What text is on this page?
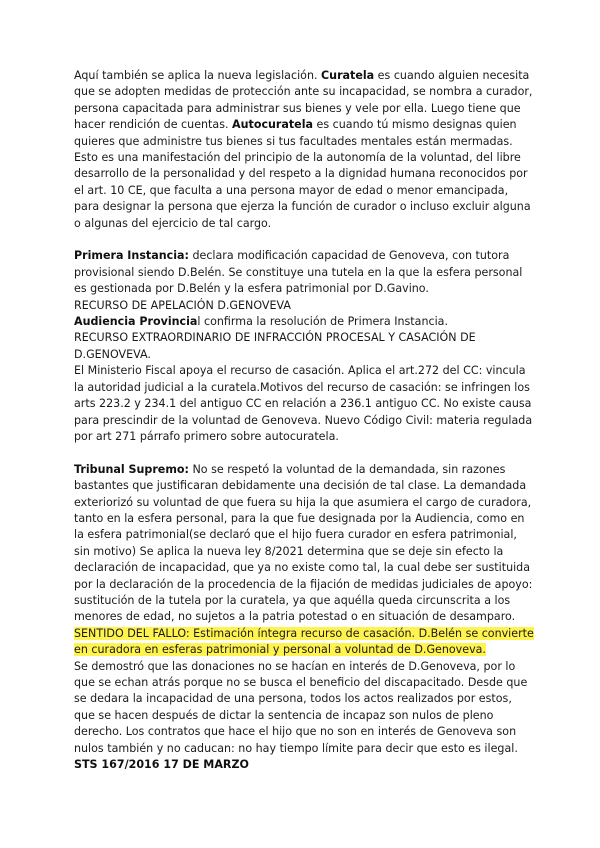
Aquí también se aplica la nueva legislación. Curatela es cuando alguien necesita que se adopten medidas de protección ante su incapacidad, se nombra a curador, persona capacitada para administrar sus bienes y vele por ella. Luego tiene que hacer rendición de cuentas. Autocuratela es cuando tú mismo designas quien quieres que administre tus bienes si tus facultades mentales están mermadas. Esto es una manifestación del principio de la autonomía de la voluntad, del libre desarrollo de la personalidad y del respeto a la dignidad humana reconocidos por el art. 10 CE, que faculta a una persona mayor de edad o menor emancipada, para designar la persona que ejerza la función de curador o incluso excluir alguna o algunas del ejercicio de tal cargo.

Primera Instancia: declara modificación capacidad de Genoveva, con tutora provisional siendo D.Belén. Se constituye una tutela en la que la esfera personal es gestionada por D.Belén y la esfera patrimonial por D.Gavino.

RECURSO DE APELACIÓN D.GENOVEVA

Audiencia Provincial confirma la resolución de Primera Instancia.

RECURSO EXTRAORDINARIO DE INFRACCIÓN PROCESAL Y CASACIÓN DE D.GENOVEVA.

El Ministerio Fiscal apoya el recurso de casación. Aplica el art.272 del CC: vincula la autoridad judicial a la curatela.Motivos del recurso de casación: se infringen los arts 223.2 y 234.1 del antiguo CC en relación a 236.1 antiguo CC. No existe causa para prescindir de la voluntad de Genoveva. Nuevo Código Civil: materia regulada por art 271 párrafo primero sobre autocuratela.

Tribunal Supremo: No se respetó la voluntad de la demandada, sin razones bastantes que justificaran debidamente una decisión de tal clase. La demandada exteriorizó su voluntad de que fuera su hija la que asumiera el cargo de curadora, tanto en la esfera personal, para la que fue designada por la Audiencia, como en la esfera patrimonial(se declaró que el hijo fuera curador en esfera patrimonial, sin motivo) Se aplica la nueva ley 8/2021 determina que se deje sin efecto la declaración de incapacidad, que ya no existe como tal, la cual debe ser sustituida por la declaración de la procedencia de la fijación de medidas judiciales de apoyo: sustitución de la tutela por la curatela, ya que aquélla queda circunscrita a los menores de edad, no sujetos a la patria potestad o en situación de desamparo. SENTIDO DEL FALLO: Estimación íntegra recurso de casación. D.Belén se convierte en curadora en esferas patrimonial y personal a voluntad de D.Genoveva.

Se demostró que las donaciones no se hacían en interés de D.Genoveva, por lo que se echan atrás porque no se busca el beneficio del discapacitado. Desde que se dedara la incapacidad de una persona, todos los actos realizados por estos, que se hacen después de dictar la sentencia de incapaz son nulos de pleno derecho. Los contratos que hace el hijo que no son en interés de Genoveva son nulos también y no caducan: no hay tiempo límite para decir que esto es ilegal.

STS 167/2016 17 DE MARZO
